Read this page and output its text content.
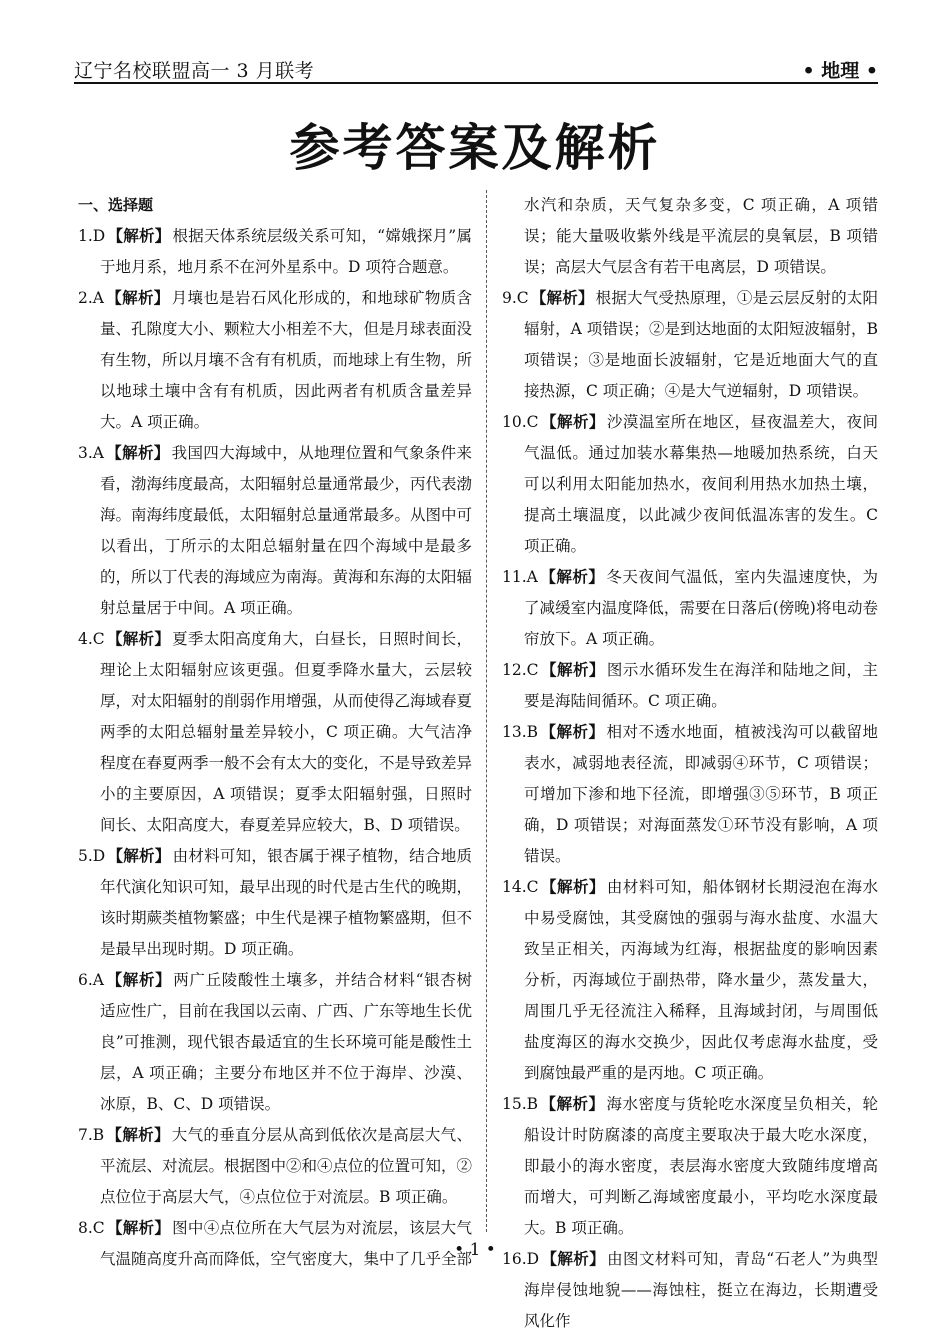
辽宁名校联盟高一 3 月联考	• 地理 •
参考答案及解析
一、选择题

1.D 【解析】 根据天体系统层级关系可知，“嫦娥探月”属于地月系，地月系不在河外星系中。D 项符合题意。

2.A 【解析】 月壤也是岩石风化形成的，和地球矿物质含量、孔隙度大小、颗粒大小相差不大，但是月球表面没有生物，所以月壤不含有有机质，而地球上有生物，所以地球土壤中含有有机质，因此两者有机质含量差异大。A 项正确。

3.A 【解析】 我国四大海域中，从地理位置和气象条件来看，渤海纬度最高，太阳辐射总量通常最少，丙代表渤海。南海纬度最低，太阳辐射总量通常最多。从图中可以看出，丁所示的太阳总辐射量在四个海域中是最多的，所以丁代表的海域应为南海。黄海和东海的太阳辐射总量居于中间。A 项正确。

4.C 【解析】 夏季太阳高度角大，白昼长，日照时间长，理论上太阳辐射应该更强。但夏季降水量大，云层较厚，对太阳辐射的削弱作用增强，从而使得乙海域春夏两季的太阳总辐射量差异较小，C 项正确。大气洁净程度在春夏两季一般不会有太大的变化，不是导致差异小的主要原因，A 项错误；夏季太阳辐射强，日照时间长、太阳高度大，春夏差异应较大，B、D 项错误。

5.D 【解析】 由材料可知，银杏属于裸子植物，结合地质年代演化知识可知，最早出现的时代是古生代的晚期，该时期蕨类植物繁盛；中生代是裸子植物繁盛期，但不是最早出现时期。D 项正确。

6.A 【解析】 两广丘陵酸性土壤多，并结合材料“银杏树适应性广，目前在我国以云南、广西、广东等地生长优良”可推测，现代银杏最适宜的生长环境可能是酸性土层，A 项正确；主要分布地区并不位于海岸、沙漠、冰原，B、C、D 项错误。

7.B 【解析】 大气的垂直分层从高到低依次是高层大气、平流层、对流层。根据图中②和④点位的位置可知，②点位位于高层大气，④点位位于对流层。B 项正确。

8.C 【解析】 图中④点位所在大气层为对流层，该层大气气温随高度升高而降低，空气密度大，集中了几乎全部

水汽和杂质，天气复杂多变，C 项正确，A 项错误；能大量吸收紫外线是平流层的臭氧层，B 项错误；高层大气层含有若干电离层，D 项错误。

9.C 【解析】 根据大气受热原理，①是云层反射的太阳辐射，A 项错误；②是到达地面的太阳短波辐射，B 项错误；③是地面长波辐射，它是近地面大气的直接热源，C 项正确；④是大气逆辐射，D 项错误。

10.C 【解析】 沙漠温室所在地区，昼夜温差大，夜间气温低。通过加装水幕集热—地暖加热系统，白天可以利用太阳能加热水，夜间利用热水加热土壤，提高土壤温度，以此减少夜间低温冻害的发生。C 项正确。

11.A 【解析】 冬天夜间气温低，室内失温速度快，为了减缓室内温度降低，需要在日落后(傍晚)将电动卷帘放下。A 项正确。

12.C 【解析】 图示水循环发生在海洋和陆地之间，主要是海陆间循环。C 项正确。

13.B 【解析】 相对不透水地面，植被浅沟可以截留地表水，减弱地表径流，即减弱④环节，C 项错误；可增加下渗和地下径流，即增强③⑤环节，B 项正确，D 项错误；对海面蒸发①环节没有影响，A 项错误。

14.C 【解析】 由材料可知，船体钢材长期浸泡在海水中易受腐蚀，其受腐蚀的强弱与海水盐度、水温大致呈正相关，丙海域为红海，根据盐度的影响因素分析，丙海域位于副热带，降水量少，蒸发量大，周围几乎无径流注入稀释，且海域封闭，与周围低盐度海区的海水交换少，因此仅考虑海水盐度，受到腐蚀最严重的是丙地。C 项正确。

15.B 【解析】 海水密度与货轮吃水深度呈负相关，轮船设计时防腐漆的高度主要取决于最大吃水深度，即最小的海水密度，表层海水密度大致随纬度增高而增大，可判断乙海域密度最小，平均吃水深度最大。B 项正确。

16.D 【解析】 由图文材料可知，青岛“石老人”为典型海岸侵蚀地貌——海蚀柱，挺立在海边，长期遭受风化作

• 1 •
